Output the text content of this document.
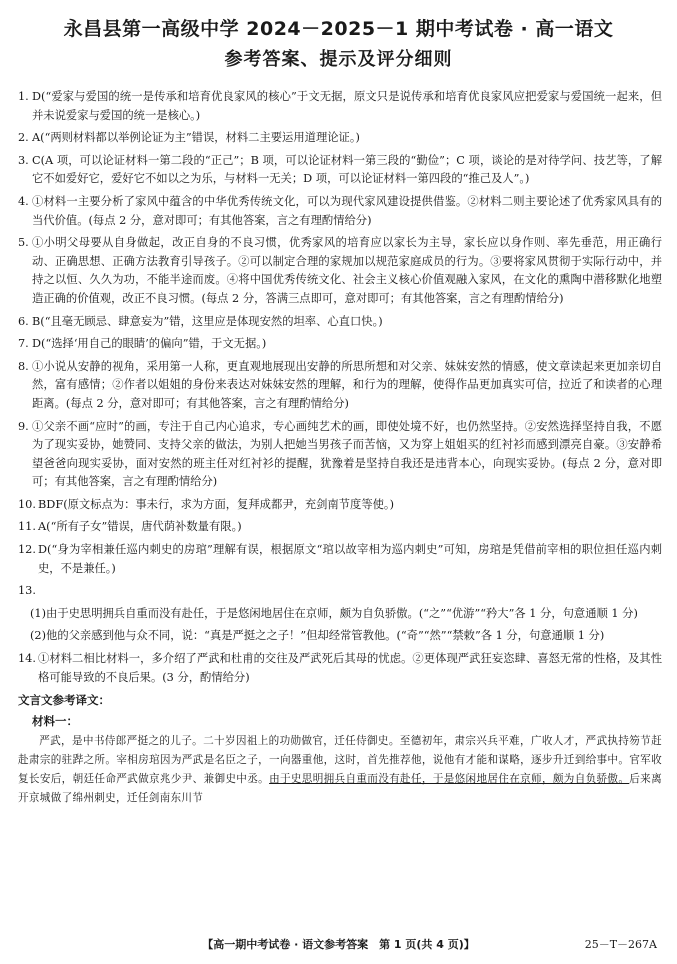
永昌县第一高级中学 2024－2025－1 期中考试卷 · 高一语文
参考答案、提示及评分细则
1. D(“爱家与爱国的统一是传承和培育优良家风的核心”于文无据，原文只是说传承和培育优良家风应把爱家与爱国统一起来，但并未说爱家与爱国的统一是核心。)
2. A(“两则材料都以举例论证为主”错误，材料二主要运用道理论证。)
3. C(A 项，可以论证材料一第二段的“正己”；B 项，可以论证材料一第三段的“勤俭”；C 项，谈论的是对待学问、技艺等，了解它不如爱好它，爱好它不如以之为乐，与材料一无关；D 项，可以论证材料一第四段的“推己及人”。)
4. ①材料一主要分析了家风中蕴含的中华优秀传统文化，可以为现代家风建设提供借鉴。②材料二则主要论述了优秀家风具有的当代价值。(每点 2 分，意对即可；有其他答案，言之有理酌情给分)
5. ①小明父母要从自身做起，改正自身的不良习惯，优秀家风的培育应以家长为主导，家长应以身作则、率先垂范，用正确行动、正确思想、正确方法教育引导孩子。②可以制定合理的家规加以规范家庭成员的行为。③要将家风贯彻于实际行动中，并持之以恒、久久为功，不能半途而废。④将中国优秀传统文化、社会主义核心价值观融入家风，在文化的熏陶中潜移默化地塑造正确的价值观，改正不良习惯。(每点 2 分，答满三点即可，意对即可；有其他答案，言之有理酌情给分)
6. B(“且毫无顾忌、肆意妄为”错，这里应是体现安然的坦率、心直口快。)
7. D(“选择‘用自己的眼睛’的偏向”错，于文无据。)
8. ①小说从安静的视角，采用第一人称，更直观地展现出安静的所思所想和对父亲、妹妹安然的情感，使文章读起来更加亲切自然，富有感情；②作者以姐姐的身份来表达对妹妹安然的理解，和行为的理解，使得作品更加真实可信，拉近了和读者的心理距离。(每点 2 分，意对即可；有其他答案，言之有理酌情给分)
9. ①父亲不画“应时”的画，专注于自己内心追求，专心画纯艺术的画，即使处境不好，也仍然坚持。②安然选择坚持自我，不愿为了现实妥协，她赞同、支持父亲的做法，为别人把她当男孩子而苦恼，又为穿上姐姐买的红衬衫而感到漂亮自豪。③安静希望爸爸向现实妥协，面对安然的班主任对红衬衫的提醒，犹豫着是坚持自我还是违背本心，向现实妥协。(每点 2 分，意对即可；有其他答案，言之有理酌情给分)
10. BDF(原文标点为：事未行，求为方面，复拜成都尹，充剑南节度等使。)
11. A(“所有子女”错误，唐代荫补数量有限。)
12. D(“身为宰相兼任巡内刺史的房琯”理解有误，根据原文“琯以故宰相为巡内刺史”可知，房琯是凭借前宰相的职位担任巡内刺史，不是兼任。)
13.
(1) 由于史思明拥兵自重而没有赴任，于是悠闲地居住在京师，颇为自负骄傲。(“之”“优游”“矜大”各 1 分，句意通顺 1 分)
(2) 他的父亲感到他与众不同，说：“真是严挺之之子！”但却经常管教他。(“奇”“然”“禁敕”各 1 分，句意通顺 1 分)
14. ①材料二相比材料一，多介绍了严武和杜甫的交往及严武死后其母的忧虑。②更体现严武狂妄恣肆、喜怒无常的性格，及其性格可能导致的不良后果。(3 分，酌情给分)
文言文参考译文：
材料一：
严武，是中书侍郎严挺之的儿子。二十岁因祖上的功勋做官，迁任侍御史。至德初年，肃宗兴兵平难，广收人才，严武执持笏节赶赴肃宗的驻跸之所。宰相房琯因为严武是名臣之子，一向器重他，这时，首先推荐他，说他有才能和谋略，逐步升迁到给事中。官军收复长安后，朝廷任命严武做京兆少尹、兼御史中丞。由于史思明拥兵自重而没有赴任，于是悠闲地居住在京师，颇为自负骄傲。后来离开京城做了绵州刺史，迁任剑南东川节
【高一期中考试卷 · 语文参考答案　第 1 页(共 4 页)】	25－T－267A
